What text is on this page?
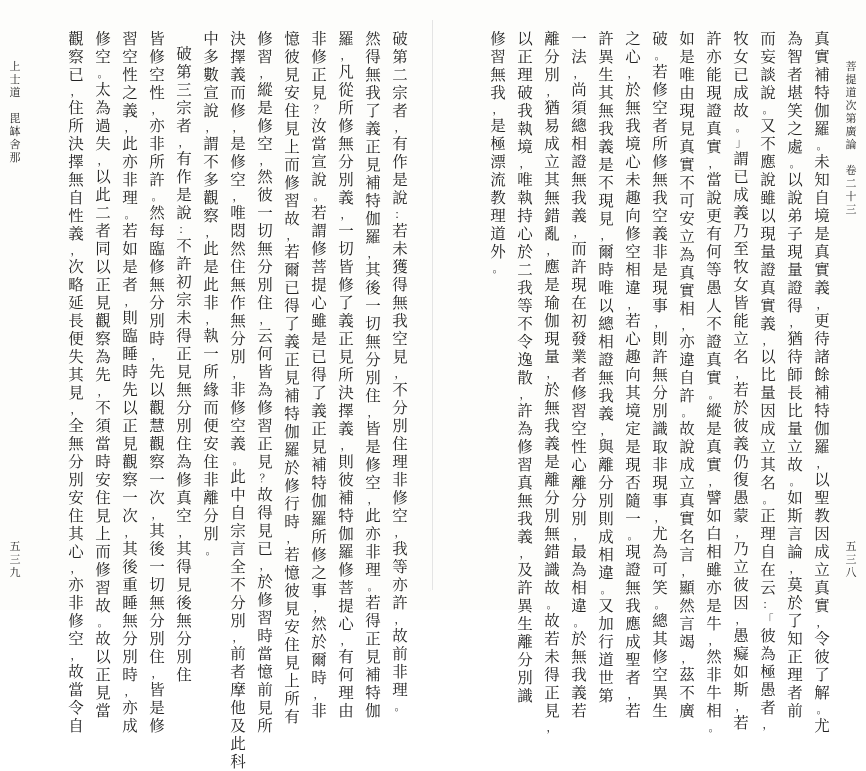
上
士
道

毘
缽
舍
那
破
第
二
宗
者
，
有
作
是
說
：
若
未
獲
得
無
我
空
見
，
不
分
別
住
理
非
修
空
，
我
等
亦
許
，
故
前
非
理
。
然
得
無
我
了
義
正
見
補
特
伽
羅
，
其
後
一
切
無
分
別
住
，
皆
是
修
空
，
此
亦
非
理
。
若
得
正
見
補
特
伽
羅
，
凡
從
所
修
無
分
別
義
，
一
切
皆
修
了
義
正
見
所
決
擇
義
，
則
彼
補
特
伽
羅
修
菩
提
心
，
有
何
理
由
非
修
正
見
？
汝
當
宣
說
。
若
謂
修
菩
提
心
雖
是
已
得
了
義
正
見
補
特
伽
羅
所
修
之
事
，
然
於
爾
時
，
非
憶
彼
見
安
住
見
上
而
修
習
故
，
若
爾
已
得
了
義
正
見
補
特
伽
羅
於
修
行
時
，
若
憶
彼
見
安
住
見
上
所
有
修
習
，
縱
是
修
空
，
然
彼
一
切
無
分
別
住
，
云
何
皆
為
修
習
正
見
？
故
得
見
已
，
於
修
習
時
當
憶
前
見
所
決
擇
義
而
修
，
是
修
空
，
唯
悶
然
住
無
作
無
分
別
，
非
修
空
義
。
此
中
自
宗
言
全
不
分
別
，
前
者
摩
他
及
此
科
中
多
數
宣
說
，
謂
不
多
觀
察
，
此
是
此
非
，
執
一
所
緣
而
便
安
住
非
離
分
別
。

破
第
三
宗
者
，
有
作
是
說
：
不
許
初
宗
未
得
正
見
無
分
別
住
為
修
真
空
，
其
得
見
後
無
分
別
住
皆
修
空
性
，
亦
非
所
許
。
然
每
臨
修
無
分
別
時
，
先
以
觀
慧
觀
察
一
次
，
其
後
一
切
無
分
別
住
，
皆
是
修
習
空
性
之
義
，
此
亦
非
理
。
若
如
是
者
，
則
臨
睡
時
先
以
正
見
觀
察
一
次
，
其
後
重
睡
無
分
別
時
，
亦
成
修
空
。
太
為
過
失
，
以
此
二
者
同
以
正
見
觀
察
為
先
，
不
須
當
時
安
住
見
上
而
修
習
故
。
故
以
正
見
當
觀
察
已
，
住
所
決
擇
無
自
性
義
，
次
略
延
長
便
失
其
見
，
全
無
分
別
安
住
其
心
，
亦
非
修
空
，
故
當
令
自
五
三
九
菩
提
道
次
第
廣
論

卷
二
十
三
真
實
補
特
伽
羅
。
未
知
自
境
是
真
實
義
，
更
待
諸
餘
補
特
伽
羅
，
以
聖
教
因
成
立
真
實
，
令
彼
了
解
。
尤
為
智
者
堪
笑
之
處
。
以
說
弟
子
現
量
證
得
，
猶
待
師
長
比
量
立
故
。
如
斯
言
論
，
莫
於
了
知
正
理
者
前
而
妄
談
說
。
又
不
應
說
雖
以
現
量
證
真
實
義
，
以
比
量
因
成
立
其
名
。
正
理
自
在
云
：
「
彼
為
極
愚
者
，
牧
女
已
成
故
。
」
謂
已
成
義
乃
至
牧
女
皆
能
立
名
，
若
於
彼
義
仍
復
愚
蒙
，
乃
立
彼
因
，
愚
癡
如
斯
，
若
許
亦
能
現
證
真
實
，
當
說
更
有
何
等
愚
人
不
證
真
實
。
縱
是
真
實
，
譬
如
白
相
雖
亦
是
牛
，
然
非
牛
相
。
如
是
唯
由
現
見
真
實
不
可
安
立
為
真
實
相
，
亦
違
自
許
。
故
說
成
立
真
實
名
言
，
顯
然
言
竭
，
茲
不
廣
破
。
若
修
空
者
所
修
無
我
空
義
非
是
現
事
，
則
許
無
分
別
識
取
非
現
事
，
尤
為
可
笑
。
總
其
修
空
異
生
之
心
，
於
無
我
境
心
未
趣
向
修
空
相
違
，
若
心
趣
向
其
境
定
是
現
否
隨
一
。
現
證
無
我
應
成
聖
者
，
若
許
異
生
其
無
我
義
是
不
現
見
，
爾
時
唯
以
總
相
證
無
我
義
，
與
離
分
別
則
成
相
違
。
又
加
行
道
世
第
一
法
，
尚
須
總
相
證
無
我
義
，
而
許
現
在
初
發
業
者
修
習
空
性
心
離
分
別
，
最
為
相
違
。
於
無
我
義
若
離
分
別
，
猶
易
成
立
其
無
錯
亂
，
應
是
瑜
伽
現
量
，
於
無
我
義
是
離
分
別
無
錯
識
故
。
故
若
未
得
正
見
，
以
正
理
破
我
執
境
，
唯
執
持
心
於
二
我
等
不
令
逸
散
，
許
為
修
習
真
無
我
義
，
及
許
異
生
離
分
別
識
修
習
無
我
，
是
極
漂
流
教
理
道
外
。
五
三
八
